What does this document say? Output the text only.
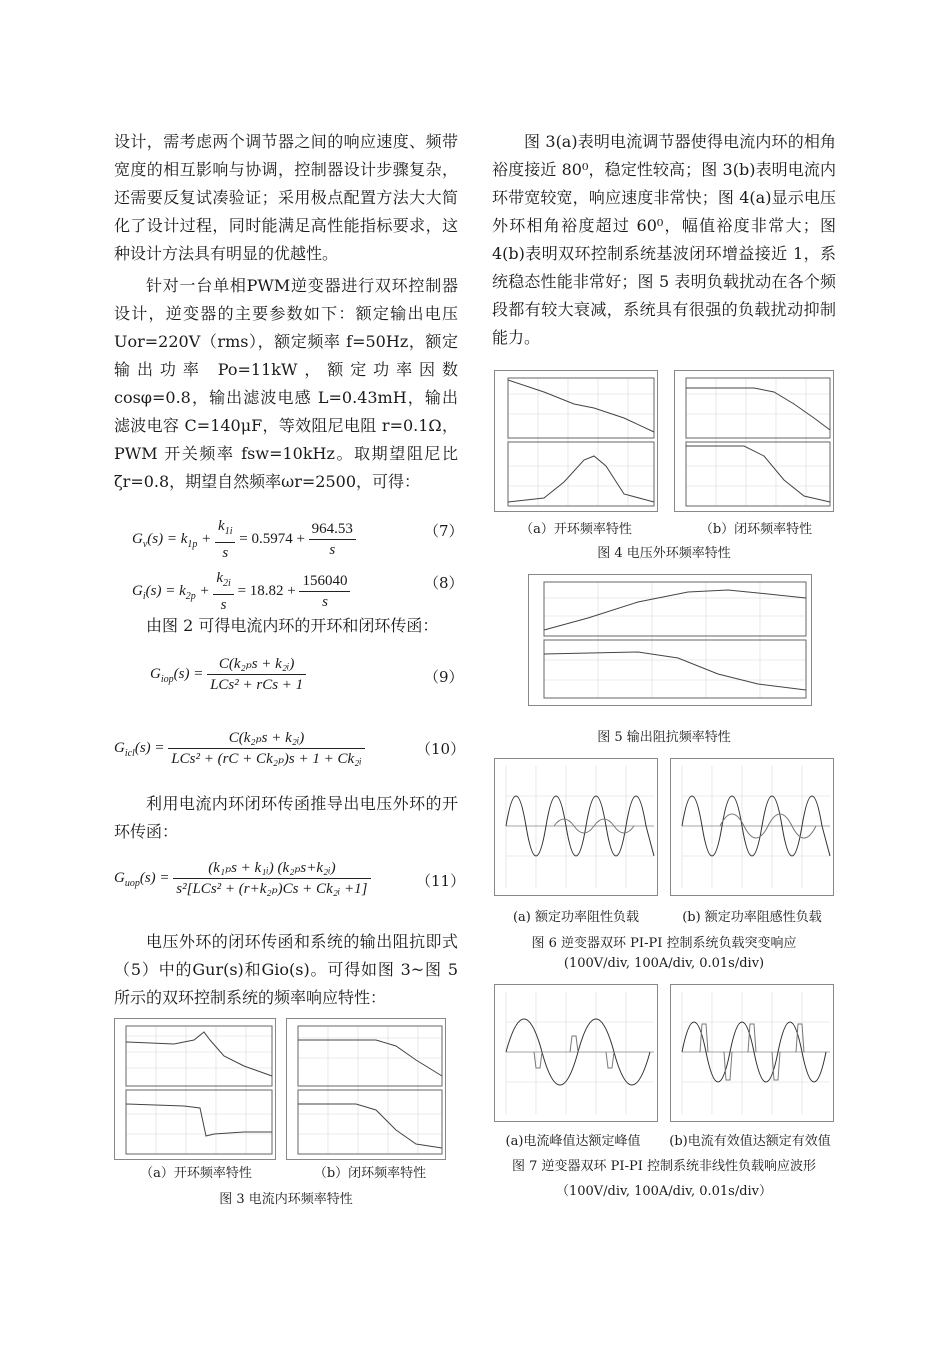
设计，需考虑两个调节器之间的响应速度、频带宽度的相互影响与协调，控制器设计步骤复杂，还需要反复试凑验证；采用极点配置方法大大简化了设计过程，同时能满足高性能指标要求，这种设计方法具有明显的优越性。

针对一台单相PWM逆变器进行双环控制器设计，逆变器的主要参数如下：额定输出电压 Uor=220V（rms），额定频率 f=50Hz，额定输出功率 Po=11kW，额定功率因数 cosφ=0.8，输出滤波电感 L=0.43mH，输出滤波电容 C=140μF，等效阻尼电阻 r=0.1Ω，PWM 开关频率 fsw=10kHz。取期望阻尼比ζr=0.8，期望自然频率ωr=2500，可得：

$G_v(s) = k_{1p} + \frac{k_{1i}}{s} = 0.5974 + \frac{964.53}{s}$	（7）
$G_i(s) = k_{2p} + \frac{k_{2i}}{s} = 18.82 + \frac{156040}{s}$	（8）

由图 2 可得电流内环的开环和闭环传函：

$G_{iop}(s) = \frac{\text{C(k₂ₚs + k₂ᵢ)}}{\text{LCs² + rCs + 1}}$	（9）
$G_{icl}(s) = \frac{\text{C(k₂ₚs + k₂ᵢ)}}{\text{LCs² + (rC + Ck₂ₚ)s + 1 + Ck₂ᵢ}}$	（10）

利用电流内环闭环传函推导出电压外环的开环传函：

$G_{uop}(s) = \frac{\text{(k₁ₚs + k₁ᵢ) (k₂ₚs+k₂ᵢ)}}{\text{s²[LCs² + (r+k₂ₚ)Cs + Ck₂ᵢ +1]}}$	（11）

电压外环的闭环传函和系统的输出阻抗即式（5）中的Gur(s)和Gio(s)。可得如图 3~图 5 所示的双环控制系统的频率响应特性：

（a）开环频率特性	（b）闭环频率特性
图 3 电流内环频率特性

图 3(a)表明电流调节器使得电流内环的相角裕度接近 80⁰，稳定性较高；图 3(b)表明电流内环带宽较宽，响应速度非常快；图 4(a)显示电压外环相角裕度超过 60⁰，幅值裕度非常大；图 4(b)表明双环控制系统基波闭环增益接近 1，系统稳态性能非常好；图 5 表明负载扰动在各个频段都有较大衰减，系统具有很强的负载扰动抑制能力。

（a）开环频率特性	（b）闭环频率特性
图 4 电压外环频率特性
图 5 输出阻抗频率特性
(a) 额定功率阻性负载	(b) 额定功率阻感性负载
图 6 逆变器双环 PI-PI 控制系统负载突变响应
(100V/div, 100A/div, 0.01s/div)
(a)电流峰值达额定峰值	(b)电流有效值达额定有效值
图 7 逆变器双环 PI-PI 控制系统非线性负载响应波形
（100V/div, 100A/div, 0.01s/div）
